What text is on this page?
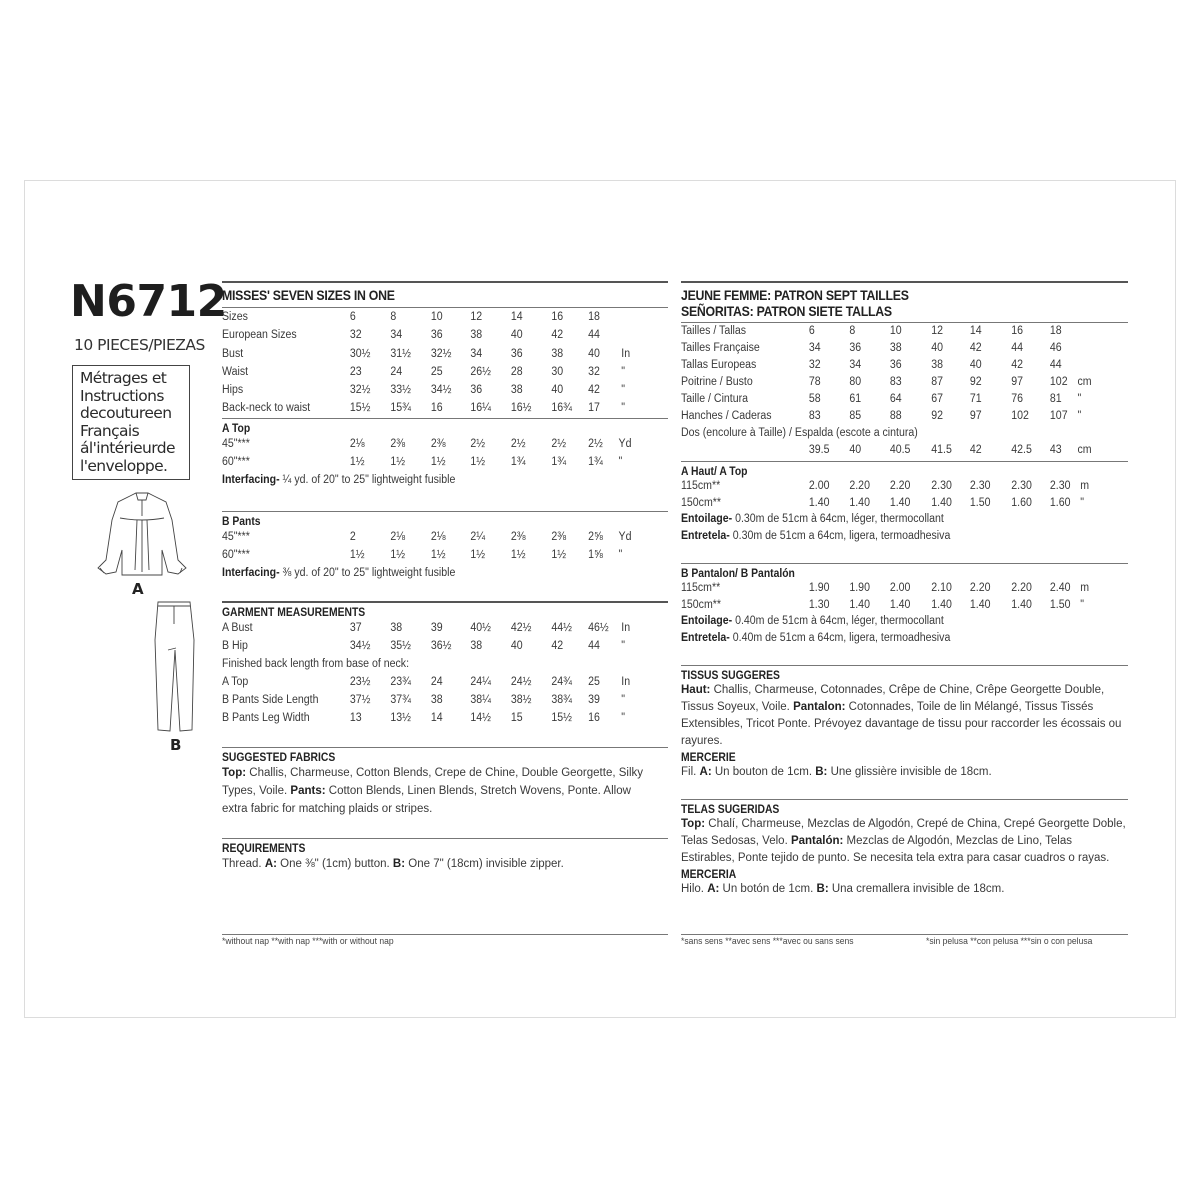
N6712
10 PIECES/PIEZAS
Métrages et
Instructions
decoutureen
Français
ál'intérieurde
l'enveloppe.
A
B
MISSES' SEVEN SIZES IN ONE
Sizes	6	8	10 12 14 16 18
European Sizes	32 34 36 38 40 42 44
Bust	30½ 31½ 32½ 34 36 38 40 In
Waist	23 24 25 26½ 28 30 32 "
Hips	32½ 33½ 34½ 36 38 40 42 "
Back-neck to waist	15½ 15¾ 16 16¼ 16½ 16¾ 17 "
A Top
45"***	2⅛ 2⅜ 2⅜ 2½ 2½ 2½ 2½ Yd
60"***	1½ 1½ 1½ 1½ 1¾ 1¾ 1¾ "
Interfacing- ¼ yd. of 20" to 25" lightweight fusible
B Pants
45"***	2	2⅛ 2⅛ 2¼ 2⅜ 2⅜ 2⅝ Yd
60"***	1½ 1½ 1½ 1½ 1½ 1½ 1⅝ "
Interfacing- ⅜ yd. of 20" to 25" lightweight fusible
GARMENT MEASUREMENTS
A Bust	37 38 39 40½ 42½ 44½ 46½ In
B Hip	34½ 35½ 36½ 38 40 42 44 "
Finished back length from base of neck:
A Top	23½ 23¾ 24 24¼ 24½ 24¾ 25 In
B Pants Side Length	37½ 37¾ 38 38¼ 38½ 38¾ 39 "
B Pants Leg Width	13 13½ 14 14½ 15 15½ 16 "
SUGGESTED FABRICS
Top: Challis, Charmeuse, Cotton Blends, Crepe de Chine, Double Georgette, Silky Types, Voile. Pants: Cotton Blends, Linen Blends, Stretch Wovens, Ponte. Allow extra fabric for matching plaids or stripes.
REQUIREMENTS
Thread. A: One ⅜" (1cm) button. B: One 7" (18cm) invisible zipper.
*without nap **with nap ***with or without nap
JEUNE FEMME: PATRON SEPT TAILLES
SEÑORITAS: PATRON SIETE TALLAS
Tailles / Tallas	6	8	10	12 14	16 18
Tailles Française	34 36 38	40 42	44 46
Tallas Europeas	32 34 36	38 40	42 44
Poitrine / Busto	78 80 83	87 92	97 102 cm
Taille / Cintura	58 61 64	67 71	76 81 "
Hanches / Caderas	83 85 88	92 97	102 107 "
Dos (encolure à Taille) / Espalda (escote a cintura)
39.5 40 40.5 41.5 42	42.5 43 cm
A Haut/ A Top
115cm**	2.00 2.20 2.20 2.30 2.30 2.30 2.30 m
150cm**	1.40 1.40 1.40 1.40 1.50 1.60 1.60 "
Entoilage- 0.30m de 51cm à 64cm, léger, thermocollant
Entretela- 0.30m de 51cm a 64cm, ligera, termoadhesiva
B Pantalon/ B Pantalón
115cm**	1.90 1.90 2.00 2.10 2.20 2.20 2.40 m
150cm**	1.30 1.40 1.40 1.40 1.40 1.40 1.50 "
Entoilage- 0.40m de 51cm à 64cm, léger, thermocollant
Entretela- 0.40m de 51cm a 64cm, ligera, termoadhesiva
TISSUS SUGGERES
Haut: Challis, Charmeuse, Cotonnades, Crêpe de Chine, Crêpe Georgette Double, Tissus Soyeux, Voile. Pantalon: Cotonnades, Toile de lin Mélangé, Tissus Tissés Extensibles, Tricot Ponte. Prévoyez davantage de tissu pour raccorder les écossais ou rayures.
MERCERIE
Fil. A: Un bouton de 1cm. B: Une glissière invisible de 18cm.
TELAS SUGERIDAS
Top: Chalí, Charmeuse, Mezclas de Algodón, Crepé de China, Crepé Georgette Doble, Telas Sedosas, Velo. Pantalón: Mezclas de Algodón, Mezclas de Lino, Telas Estirables, Ponte tejido de punto. Se necesita tela extra para casar cuadros o rayas.
MERCERIA
Hilo. A: Un botón de 1cm. B: Una cremallera invisible de 18cm.
*sans sens **avec sens ***avec ou sans sens	*sin pelusa **con pelusa ***sin o con pelusa
